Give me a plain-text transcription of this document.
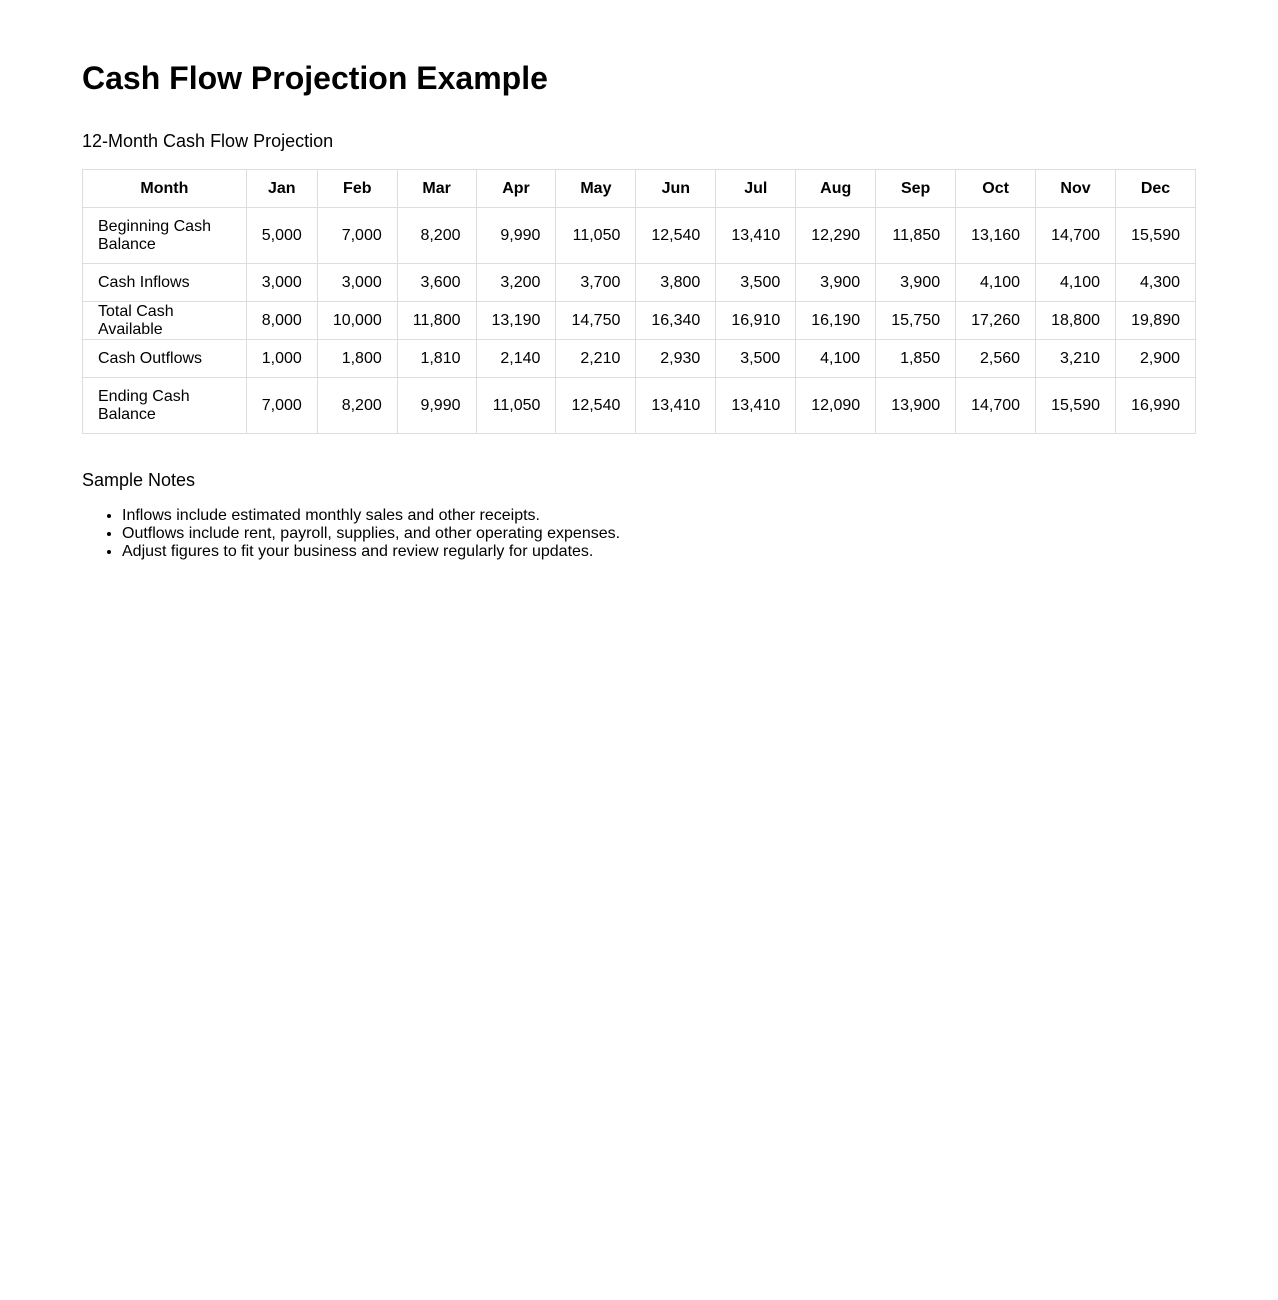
Cash Flow Projection Example
12-Month Cash Flow Projection
Month	Jan	Feb	Mar	Apr	May	Jun	Jul	Aug	Sep	Oct	Nov	Dec
Beginning Cash Balance	5,000	7,000	8,200	9,990	11,050	12,540	13,410	12,290	11,850	13,160	14,700	15,590
Cash Inflows	3,000	3,000	3,600	3,200	3,700	3,800	3,500	3,900	3,900	4,100	4,100	4,300
Total Cash Available	8,000	10,000	11,800	13,190	14,750	16,340	16,910	16,190	15,750	17,260	18,800	19,890
Cash Outflows	1,000	1,800	1,810	2,140	2,210	2,930	3,500	4,100	1,850	2,560	3,210	2,900
Ending Cash Balance	7,000	8,200	9,990	11,050	12,540	13,410	13,410	12,090	13,900	14,700	15,590	16,990
Sample Notes
• Inflows include estimated monthly sales and other receipts.
• Outflows include rent, payroll, supplies, and other operating expenses.
• Adjust figures to fit your business and review regularly for updates.
